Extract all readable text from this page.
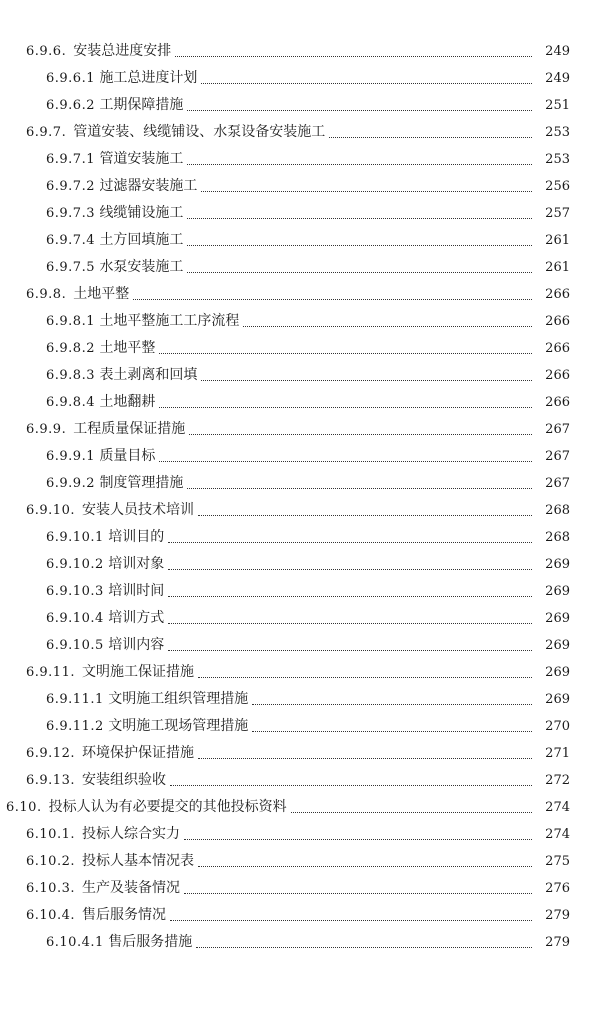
6.9.6.  安装总进度安排	249
6.9.6.1 施工总进度计划	249
6.9.6.2 工期保障措施	251
6.9.7.  管道安装、线缆铺设、水泵设备安装施工	253
6.9.7.1 管道安装施工	253
6.9.7.2 过滤器安装施工	256
6.9.7.3 线缆铺设施工	257
6.9.7.4 土方回填施工	261
6.9.7.5 水泵安装施工	261
6.9.8.  土地平整	266
6.9.8.1 土地平整施工工序流程	266
6.9.8.2 土地平整	266
6.9.8.3 表土剥离和回填	266
6.9.8.4 土地翻耕	266
6.9.9.  工程质量保证措施	267
6.9.9.1 质量目标	267
6.9.9.2 制度管理措施	267
6.9.10.  安装人员技术培训	268
6.9.10.1 培训目的	268
6.9.10.2 培训对象	269
6.9.10.3 培训时间	269
6.9.10.4 培训方式	269
6.9.10.5 培训内容	269
6.9.11.  文明施工保证措施	269
6.9.11.1 文明施工组织管理措施	269
6.9.11.2 文明施工现场管理措施	270
6.9.12.  环境保护保证措施	271
6.9.13.  安装组织验收	272
6.10.  投标人认为有必要提交的其他投标资料	274
6.10.1.  投标人综合实力	274
6.10.2.  投标人基本情况表	275
6.10.3.  生产及装备情况	276
6.10.4.  售后服务情况	279
6.10.4.1 售后服务措施	279
